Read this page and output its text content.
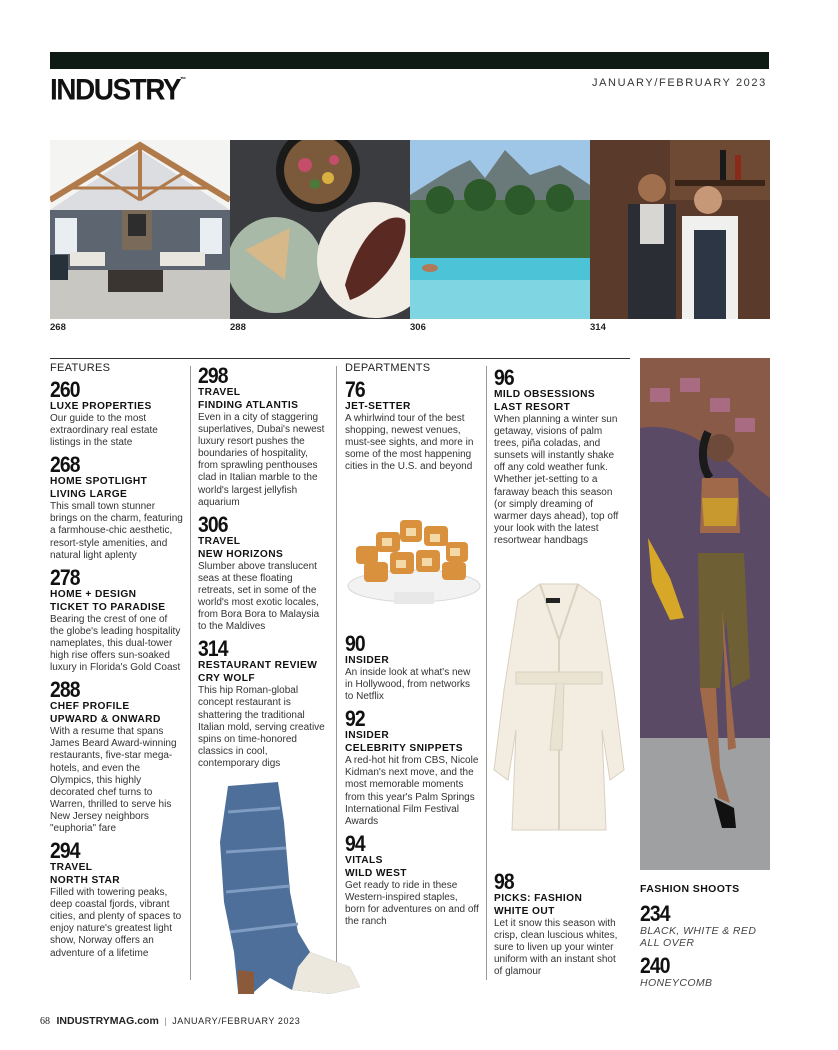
INDUSTRY™	JANUARY/FEBRUARY 2023
268	288	306	314
FEATURES
260
LUXE PROPERTIES
Our guide to the most extraordinary real estate listings in the state
268
HOME SPOTLIGHT
LIVING LARGE
This small town stunner brings on the charm, featuring a farmhouse-chic aesthetic, resort-style amenities, and natural light aplenty
278
HOME + DESIGN
TICKET TO PARADISE
Bearing the crest of one of the globe's leading hospitality nameplates, this dual-tower high rise offers sun-soaked luxury in Florida's Gold Coast
288
CHEF PROFILE
UPWARD & ONWARD
With a resume that spans James Beard Award-winning restaurants, five-star mega-hotels, and even the Olympics, this highly decorated chef turns to Warren, thrilled to serve his New Jersey neighbors "euphoria" fare
294
TRAVEL
NORTH STAR
Filled with towering peaks, deep coastal fjords, vibrant cities, and plenty of spaces to enjoy nature's greatest light show, Norway offers an adventure of a lifetime
298
TRAVEL
FINDING ATLANTIS
Even in a city of staggering superlatives, Dubai's newest luxury resort pushes the boundaries of hospitality, from sprawling penthouses clad in Italian marble to the world's largest jellyfish aquarium
306
TRAVEL
NEW HORIZONS
Slumber above translucent seas at these floating retreats, set in some of the world's most exotic locales, from Bora Bora to Malaysia to the Maldives
314
RESTAURANT REVIEW
CRY WOLF
This hip Roman-global concept restaurant is shattering the traditional Italian mold, serving creative spins on time-honored classics in cool, contemporary digs
DEPARTMENTS
76
JET-SETTER
A whirlwind tour of the best shopping, newest venues, must-see sights, and more in some of the most happening cities in the U.S. and beyond
90
INSIDER
An inside look at what's new in Hollywood, from networks to Netflix
92
INSIDER
CELEBRITY SNIPPETS
A red-hot hit from CBS, Nicole Kidman's next move, and the most memorable moments from this year's Palm Springs International Film Festival Awards
94
VITALS
WILD WEST
Get ready to ride in these Western-inspired staples, born for adventures on and off the ranch
96
MILD OBSESSIONS
LAST RESORT
When planning a winter sun getaway, visions of palm trees, piña coladas, and sunsets will instantly shake off any cold weather funk. Whether jet-setting to a faraway beach this season (or simply dreaming of warmer days ahead), top off your look with the latest resortwear handbags
98
PICKS: FASHION
WHITE OUT
Let it snow this season with crisp, clean luscious whites, sure to liven up your winter uniform with an instant shot of glamour
FASHION SHOOTS
234
BLACK, WHITE & RED ALL OVER
240
HONEYCOMB
68 INDUSTRYMAG.com | JANUARY/FEBRUARY 2023
